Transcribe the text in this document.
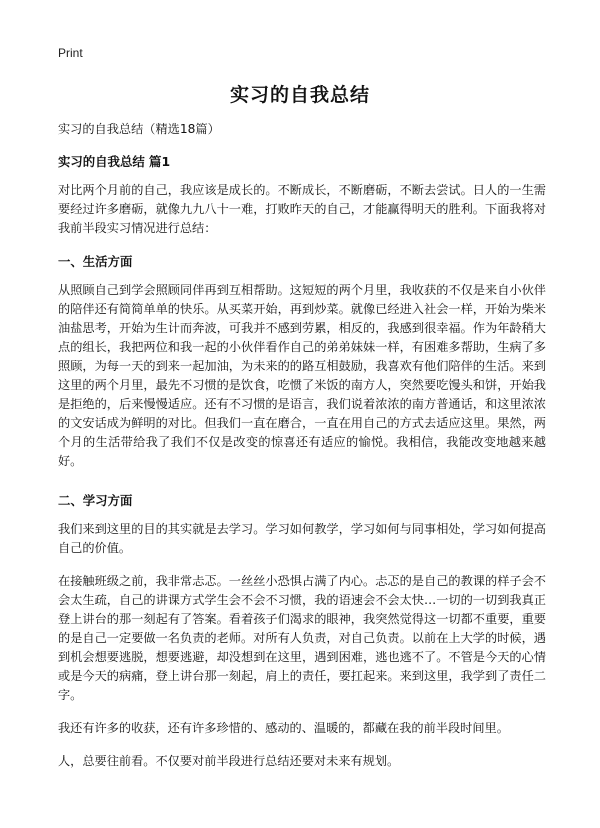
Print
实习的自我总结
实习的自我总结（精选18篇）
实习的自我总结 篇1
对比两个月前的自己，我应该是成长的。不断成长，不断磨砺，不断去尝试。日人的一生需要经过许多磨砺，就像九九八十一难，打败昨天的自己，才能赢得明天的胜利。下面我将对我前半段实习情况进行总结：
一、生活方面
从照顾自己到学会照顾同伴再到互相帮助。这短短的两个月里，我收获的不仅是来自小伙伴的陪伴还有简简单单的快乐。从买菜开始，再到炒菜。就像已经进入社会一样，开始为柴米油盐思考，开始为生计而奔波，可我并不感到劳累，相反的，我感到很幸福。作为年龄稍大点的组长，我把两位和我一起的小伙伴看作自己的弟弟妹妹一样，有困难多帮助，生病了多照顾，为每一天的到来一起加油，为未来的的路互相鼓励，我喜欢有他们陪伴的生活。来到这里的两个月里，最先不习惯的是饮食，吃惯了米饭的南方人，突然要吃馒头和饼，开始我是拒绝的，后来慢慢适应。还有不习惯的是语言，我们说着浓浓的南方普通话，和这里浓浓的文安话成为鲜明的对比。但我们一直在磨合，一直在用自己的方式去适应这里。果然，两个月的生活带给我了我们不仅是改变的惊喜还有适应的愉悦。我相信，我能改变地越来越好。
二、学习方面
我们来到这里的目的其实就是去学习。学习如何教学，学习如何与同事相处，学习如何提高自己的价值。
在接触班级之前，我非常忐忑。一丝丝小恐惧占满了内心。忐忑的是自己的教课的样子会不会太生疏，自己的讲课方式学生会不会不习惯，我的语速会不会太快…一切的一切到我真正登上讲台的那一刻起有了答案。看着孩子们渴求的眼神，我突然觉得这一切都不重要，重要的是自己一定要做一名负责的老师。对所有人负责，对自己负责。以前在上大学的时候，遇到机会想要逃脱，想要逃避，却没想到在这里，遇到困难，逃也逃不了。不管是今天的心情或是今天的病痛，登上讲台那一刻起，肩上的责任，要扛起来。来到这里，我学到了责任二字。
我还有许多的收获，还有许多珍惜的、感动的、温暖的，都藏在我的前半段时间里。
人，总要往前看。不仅要对前半段进行总结还要对未来有规划。
